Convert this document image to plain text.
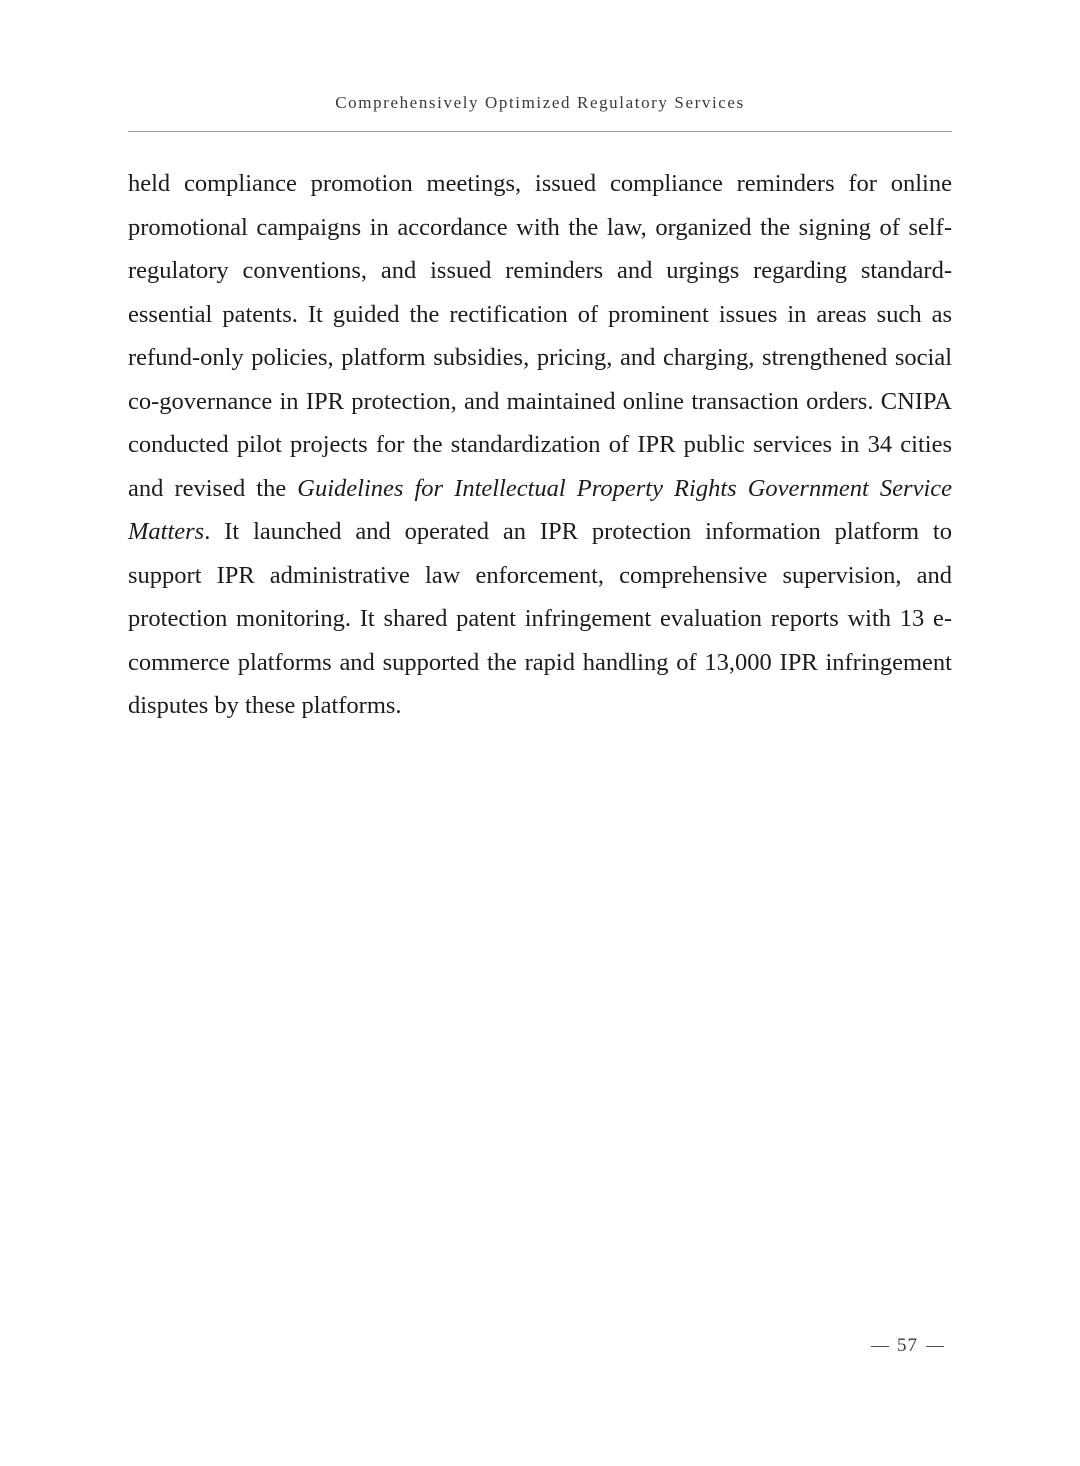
Comprehensively Optimized Regulatory Services

held compliance promotion meetings, issued compliance reminders for online promotional campaigns in accordance with the law, organized the signing of self-regulatory conventions, and issued reminders and urgings regarding standard-essential patents. It guided the rectification of prominent issues in areas such as refund-only policies, platform subsidies, pricing, and charging, strengthened social co-governance in IPR protection, and maintained online transaction orders. CNIPA conducted pilot projects for the standardization of IPR public services in 34 cities and revised the Guidelines for Intellectual Property Rights Government Service Matters. It launched and operated an IPR protection information platform to support IPR administrative law enforcement, comprehensive supervision, and protection monitoring. It shared patent infringement evaluation reports with 13 e-commerce platforms and supported the rapid handling of 13,000 IPR infringement disputes by these platforms.

57
